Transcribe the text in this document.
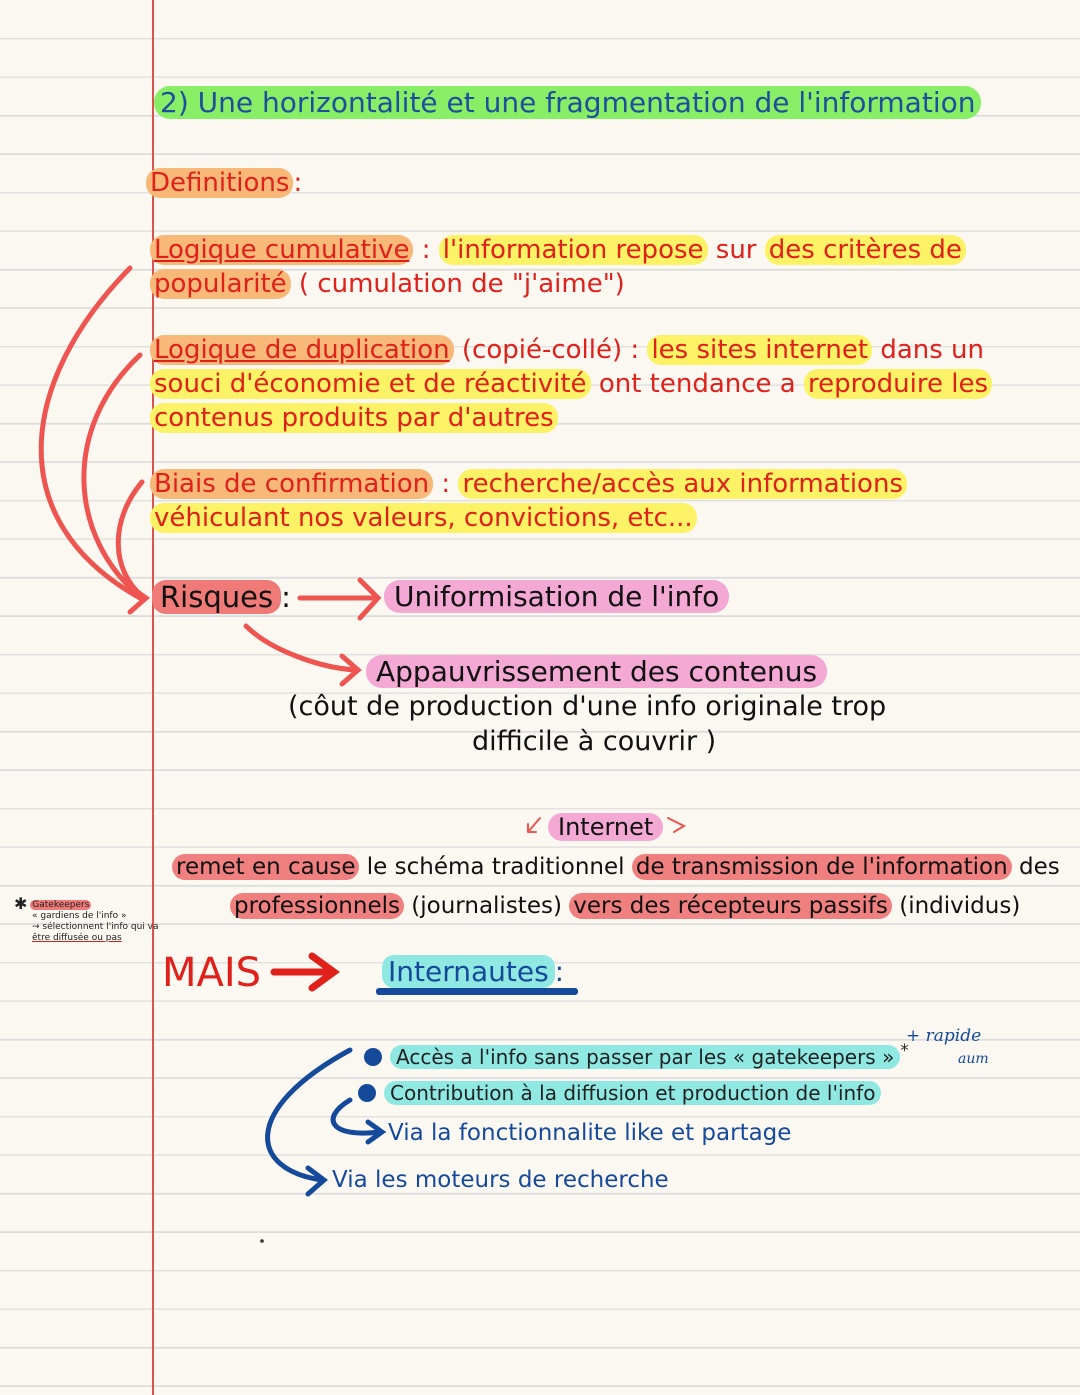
2) Une horizontalité et une fragmentation de l'information
Definitions :
Logique cumulative : l'information repose sur des critères de
popularité ( cumulation de "j'aime")
Logique de duplication (copié-collé) : les sites internet dans un
souci d'économie et de réactivité ont tendance a reproduire les
contenus produits par d'autres
Biais de confirmation : recherche/accès aux informations
véhiculant nos valeurs, convictions, etc...
Risques :	Uniformisation de l'info
Appauvrissement des contenus
(côut de production d'une info originale trop
difficile à couvrir )
Internet
remet en cause le schéma traditionnel de transmission de l'information des
professionnels (journalistes) vers des récepteurs passifs (individus)
✱ Gatekeepers
« gardiens de l'info »
→ sélectionnent l'info qui va
être diffusée ou pas
MAIS	Internautes :
Accès a l'info sans passer par les « gatekeepers » *
+ rapide
aum
Contribution à la diffusion et production de l'info
Via la fonctionnalite like et partage
Via les moteurs de recherche
